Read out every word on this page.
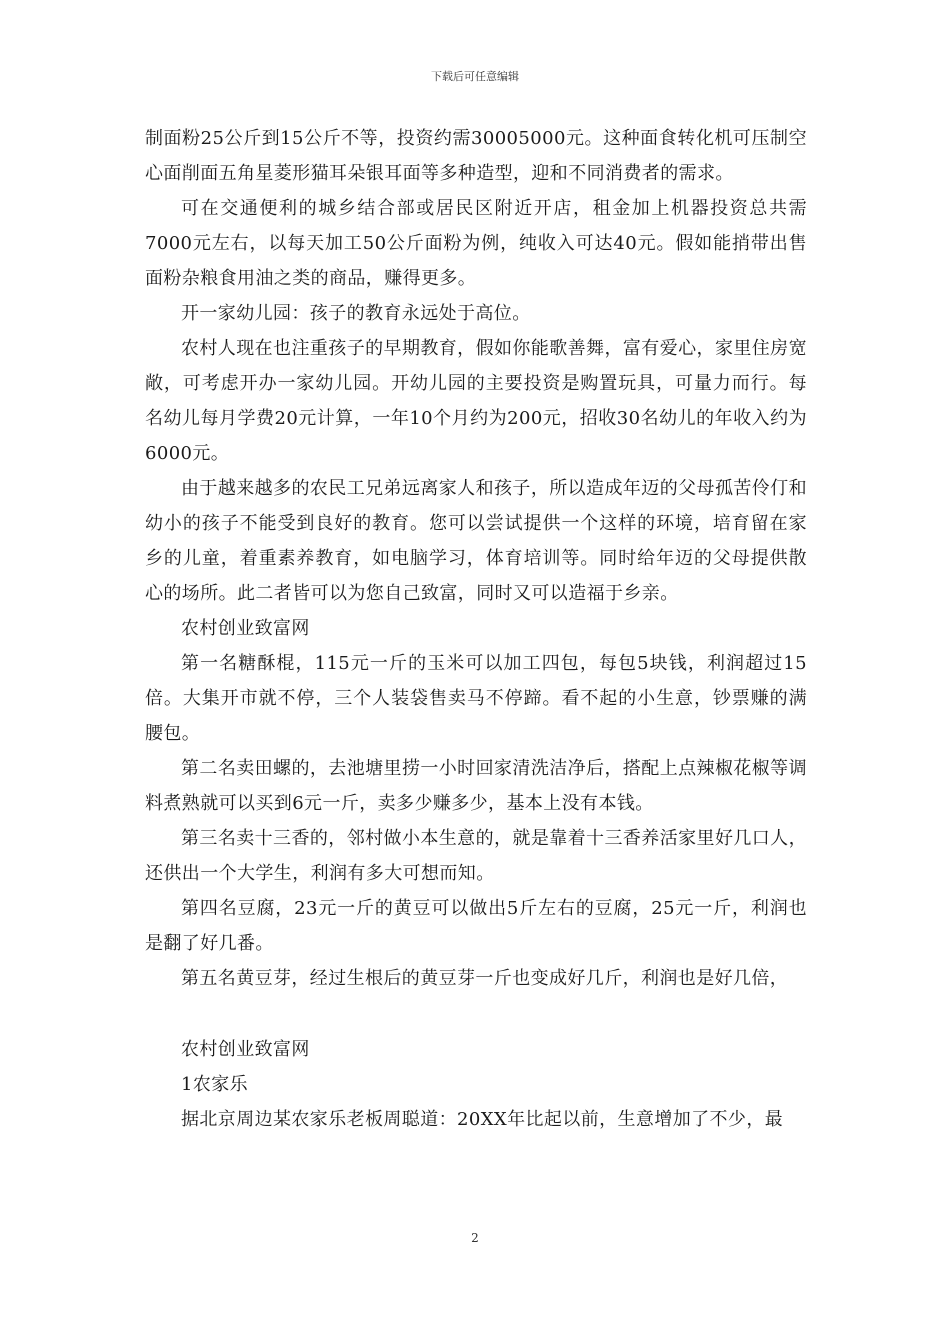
下载后可任意编辑

制面粉25公斤到15公斤不等，投资约需30005000元。这种面食转化机可压制空心面削面五角星菱形猫耳朵银耳面等多种造型，迎和不同消费者的需求。

可在交通便利的城乡结合部或居民区附近开店，租金加上机器投资总共需7000元左右，以每天加工50公斤面粉为例，纯收入可达40元。假如能捎带出售面粉杂粮食用油之类的商品，赚得更多。

开一家幼儿园：孩子的教育永远处于高位。

农村人现在也注重孩子的早期教育，假如你能歌善舞，富有爱心，家里住房宽敞，可考虑开办一家幼儿园。开幼儿园的主要投资是购置玩具，可量力而行。每名幼儿每月学费20元计算，一年10个月约为200元，招收30名幼儿的年收入约为6000元。

由于越来越多的农民工兄弟远离家人和孩子，所以造成年迈的父母孤苦伶仃和幼小的孩子不能受到良好的教育。您可以尝试提供一个这样的环境，培育留在家乡的儿童，着重素养教育，如电脑学习，体育培训等。同时给年迈的父母提供散心的场所。此二者皆可以为您自己致富，同时又可以造福于乡亲。

农村创业致富网

第一名糖酥棍，115元一斤的玉米可以加工四包，每包5块钱，利润超过15倍。大集开市就不停，三个人装袋售卖马不停蹄。看不起的小生意，钞票赚的满腰包。

第二名卖田螺的，去池塘里捞一小时回家清洗洁净后，搭配上点辣椒花椒等调料煮熟就可以买到6元一斤，卖多少赚多少，基本上没有本钱。

第三名卖十三香的，邻村做小本生意的，就是靠着十三香养活家里好几口人，还供出一个大学生，利润有多大可想而知。

第四名豆腐，23元一斤的黄豆可以做出5斤左右的豆腐，25元一斤，利润也是翻了好几番。

第五名黄豆芽，经过生根后的黄豆芽一斤也变成好几斤，利润也是好几倍，

农村创业致富网

1农家乐

据北京周边某农家乐老板周聪道：20XX年比起以前，生意增加了不少，最

2
